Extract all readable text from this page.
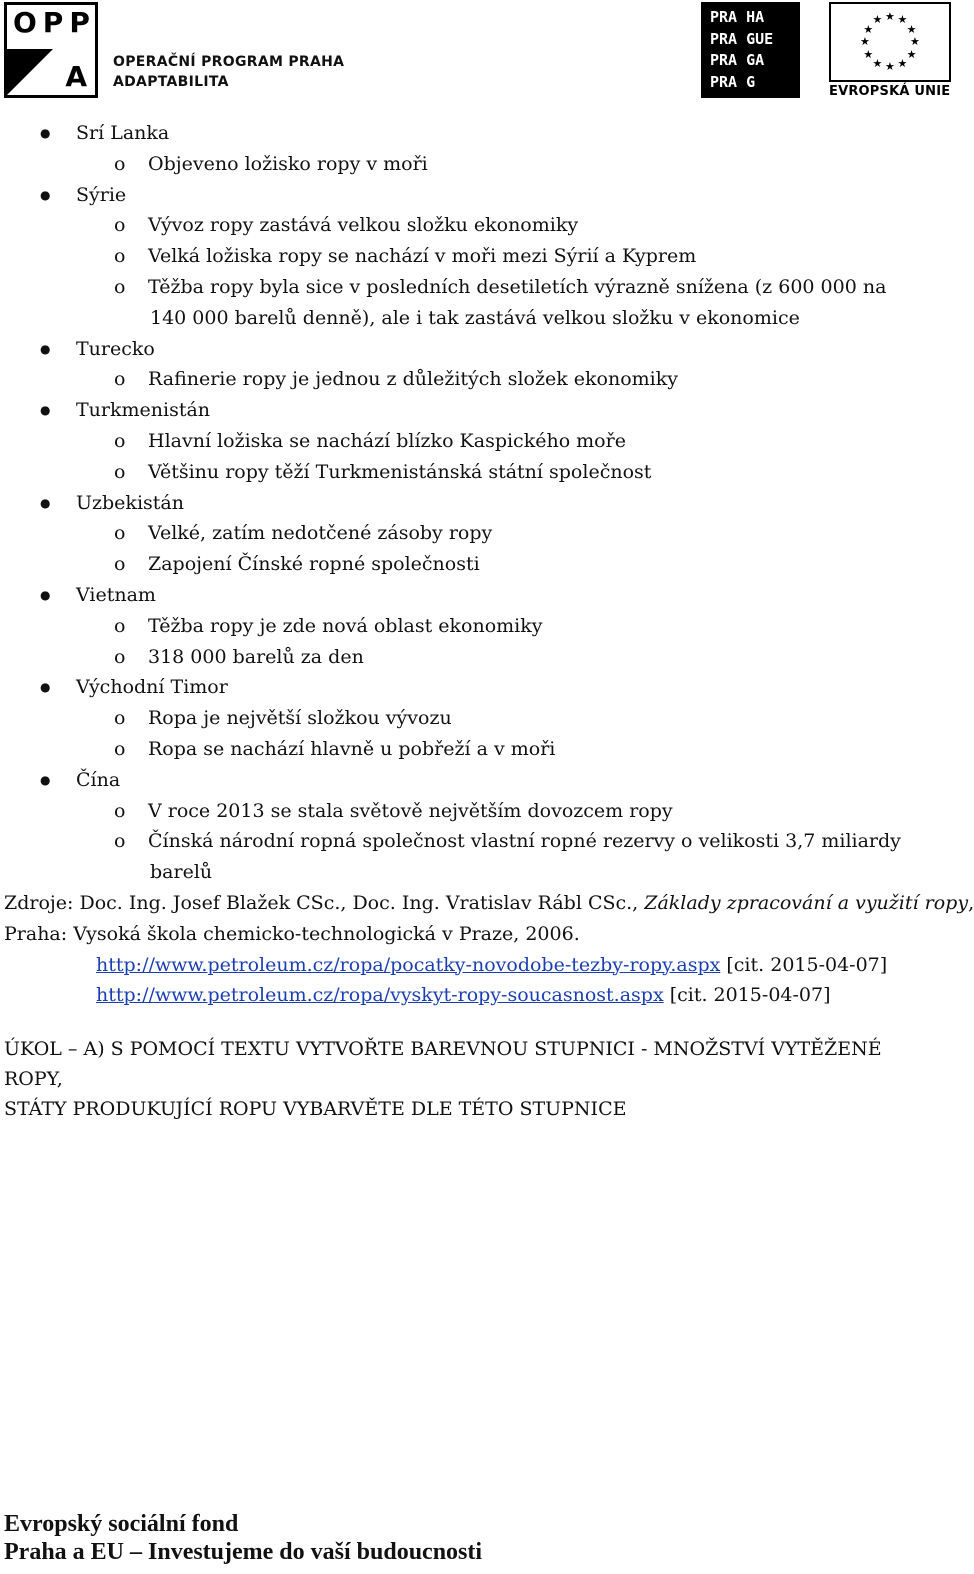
OPP
A OPERAČNÍ PROGRAM PRAHA
ADAPTABILITA
PRA HA
PRA GUE
PRA GA
PRA G
★ ★
★
★
★
★
★
★
★
★
★
★
EVROPSKÁ UNIE
● Srí Lanka
o Objeveno ložisko ropy v moři
● Sýrie
o Vývoz ropy zastává velkou složku ekonomiky
o Velká ložiska ropy se nachází v moři mezi Sýrií a Kyprem
o Těžba ropy byla sice v posledních desetiletích výrazně snížena (z 600 000 na
140 000 barelů denně), ale i tak zastává velkou složku v ekonomice
● Turecko
o Rafinerie ropy je jednou z důležitých složek ekonomiky
● Turkmenistán
o Hlavní ložiska se nachází blízko Kaspického moře
o Většinu ropy těží Turkmenistánská státní společnost
● Uzbekistán
o Velké, zatím nedotčené zásoby ropy
o Zapojení Čínské ropné společnosti
● Vietnam
o Těžba ropy je zde nová oblast ekonomiky
o 318 000 barelů za den
● Východní Timor
o Ropa je největší složkou vývozu
o Ropa se nachází hlavně u pobřeží a v moři
● Čína
o V roce 2013 se stala světově největším dovozcem ropy
o Čínská národní ropná společnost vlastní ropné rezervy o velikosti 3,7 miliardy
barelů
Zdroje: Doc. Ing. Josef Blažek CSc., Doc. Ing. Vratislav Rábl CSc., Základy zpracování a využití ropy,
Praha: Vysoká škola chemicko-technologická v Praze, 2006.
http://www.petroleum.cz/ropa/pocatky-novodobe-tezby-ropy.aspx [cit. 2015-04-07]
http://www.petroleum.cz/ropa/vyskyt-ropy-soucasnost.aspx [cit. 2015-04-07]
ÚKOL – A) S POMOCÍ TEXTU VYTVOŘTE BAREVNOU STUPNICI - MNOŽSTVÍ VYTĚŽENÉ ROPY,
STÁTY PRODUKUJÍCÍ ROPU VYBARVĚTE DLE TÉTO STUPNICE
Evropský sociální fond
Praha a EU – Investujeme do vaší budoucnosti
